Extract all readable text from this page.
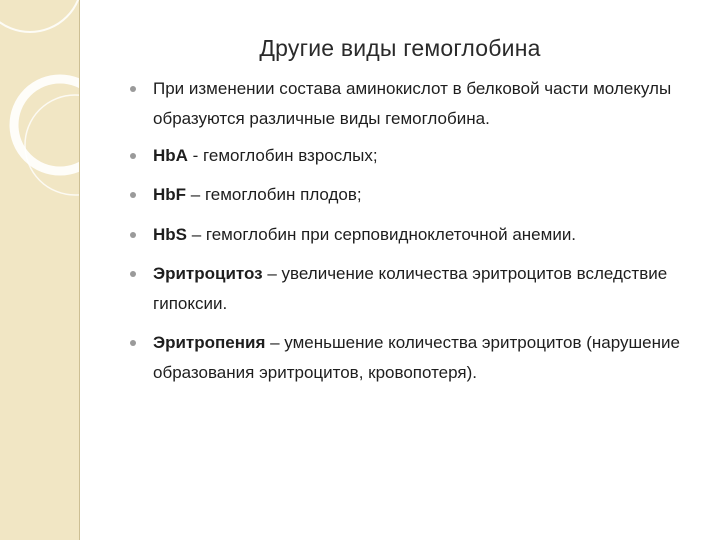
Другие виды гемоглобина
При изменении состава аминокислот в белковой части молекулы образуются различные виды гемоглобина.
HbA - гемоглобин взрослых;
HbF – гемоглобин плодов;
HbS – гемоглобин при серповидноклеточной анемии.
Эритроцитоз – увеличение количества эритроцитов вследствие гипоксии.
Эритропения – уменьшение количества эритроцитов (нарушение образования эритроцитов, кровопотеря).
